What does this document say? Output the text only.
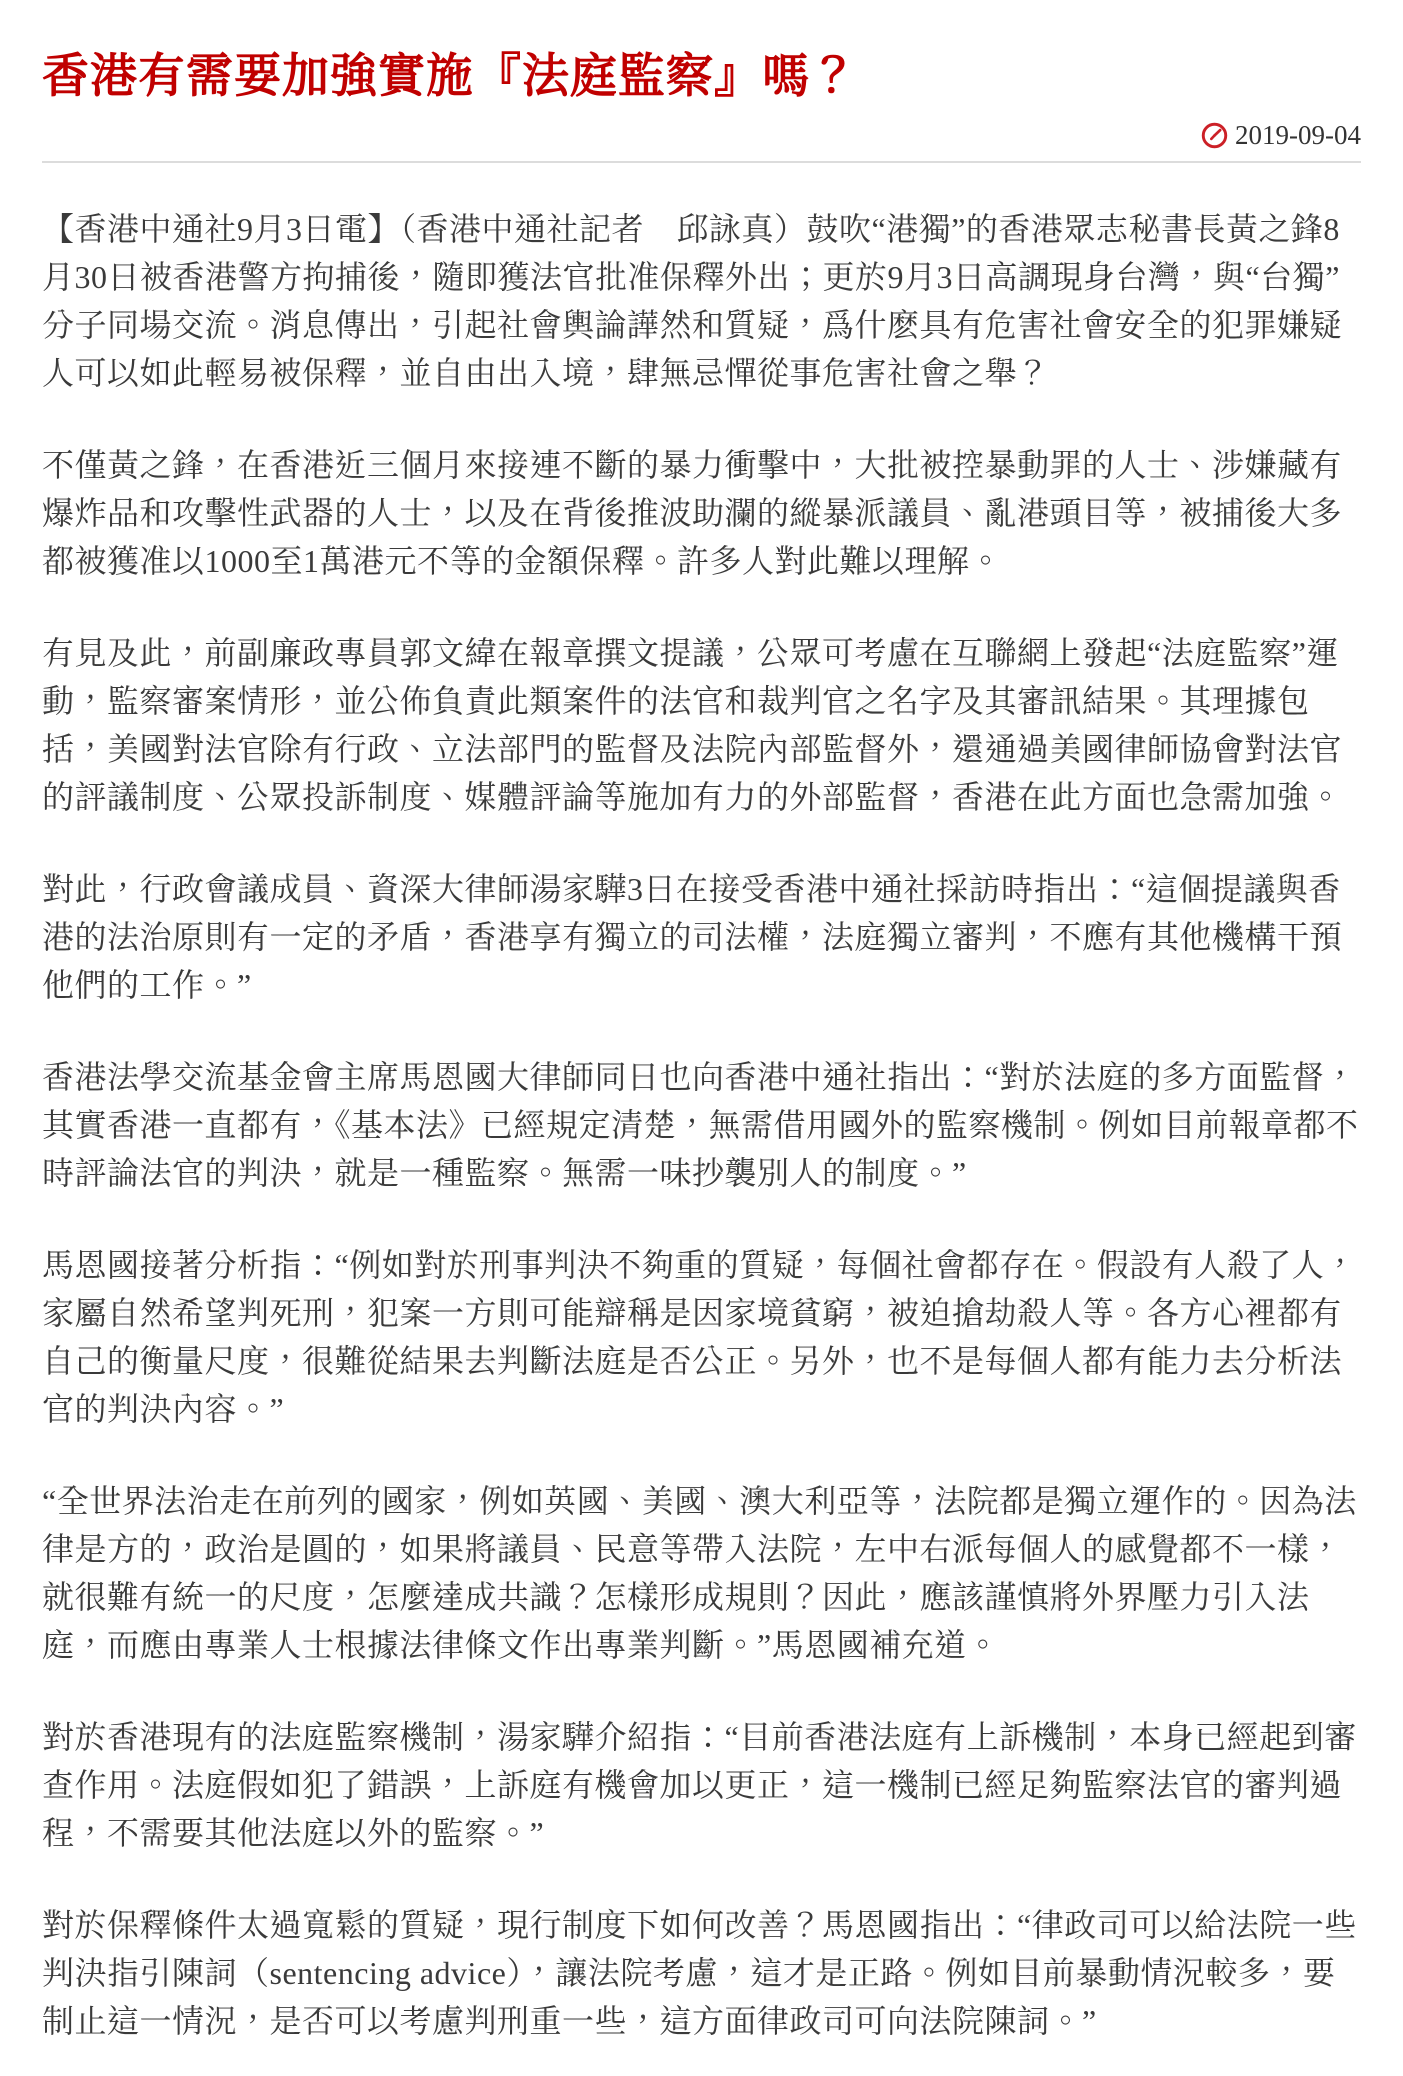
香港有需要加強實施『法庭監察』嗎？
2019-09-04

【香港中通社9月3日電】（香港中通社記者　邱詠真）鼓吹“港獨”的香港眾志秘書長黃之鋒8月30日被香港警方拘捕後，隨即獲法官批准保釋外出；更於9月3日高調現身台灣，與“台獨”分子同場交流。消息傳出，引起社會輿論譁然和質疑，爲什麽具有危害社會安全的犯罪嫌疑人可以如此輕易被保釋，並自由出入境，肆無忌憚從事危害社會之舉？

不僅黃之鋒，在香港近三個月來接連不斷的暴力衝擊中，大批被控暴動罪的人士、涉嫌藏有爆炸品和攻擊性武器的人士，以及在背後推波助瀾的縱暴派議員、亂港頭目等，被捕後大多都被獲准以1000至1萬港元不等的金額保釋。許多人對此難以理解。

有見及此，前副廉政專員郭文緯在報章撰文提議，公眾可考慮在互聯網上發起“法庭監察”運動，監察審案情形，並公佈負責此類案件的法官和裁判官之名字及其審訊結果。其理據包括，美國對法官除有行政、立法部門的監督及法院內部監督外，還通過美國律師協會對法官的評議制度、公眾投訴制度、媒體評論等施加有力的外部監督，香港在此方面也急需加強。

對此，行政會議成員、資深大律師湯家驊3日在接受香港中通社採訪時指出：“這個提議與香港的法治原則有一定的矛盾，香港享有獨立的司法權，法庭獨立審判，不應有其他機構干預他們的工作。”

香港法學交流基金會主席馬恩國大律師同日也向香港中通社指出：“對於法庭的多方面監督，其實香港一直都有，《基本法》已經規定清楚，無需借用國外的監察機制。例如目前報章都不時評論法官的判決，就是一種監察。無需一味抄襲別人的制度。”

馬恩國接著分析指：“例如對於刑事判決不夠重的質疑，每個社會都存在。假設有人殺了人，家屬自然希望判死刑，犯案一方則可能辯稱是因家境貧窮，被迫搶劫殺人等。各方心裡都有自己的衡量尺度，很難從結果去判斷法庭是否公正。另外，也不是每個人都有能力去分析法官的判決內容。”

“全世界法治走在前列的國家，例如英國、美國、澳大利亞等，法院都是獨立運作的。因為法律是方的，政治是圓的，如果將議員、民意等帶入法院，左中右派每個人的感覺都不一樣，就很難有統一的尺度，怎麼達成共識？怎樣形成規則？因此，應該謹慎將外界壓力引入法庭，而應由專業人士根據法律條文作出專業判斷。”馬恩國補充道。

對於香港現有的法庭監察機制，湯家驊介紹指：“目前香港法庭有上訴機制，本身已經起到審查作用。法庭假如犯了錯誤，上訴庭有機會加以更正，這一機制已經足夠監察法官的審判過程，不需要其他法庭以外的監察。”

對於保釋條件太過寬鬆的質疑，現行制度下如何改善？馬恩國指出：“律政司可以給法院一些判決指引陳詞（sentencing advice），讓法院考慮，這才是正路。例如目前暴動情況較多，要制止這一情況，是否可以考慮判刑重一些，這方面律政司可向法院陳詞。”
